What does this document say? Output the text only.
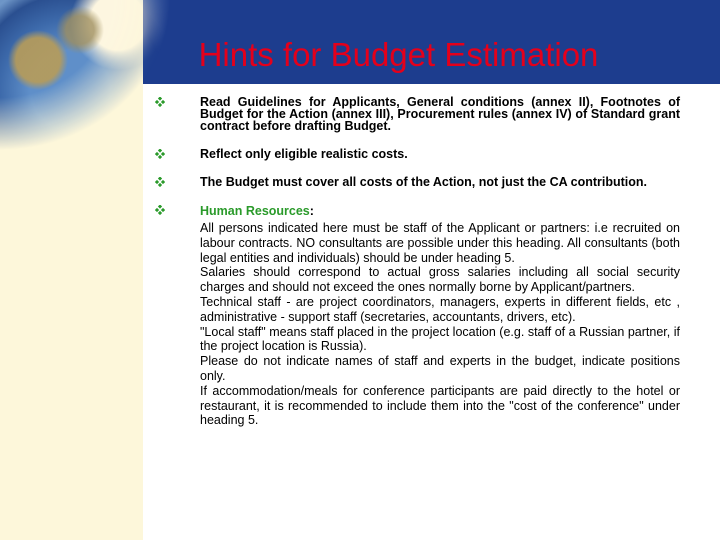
Hints for Budget Estimation
Read Guidelines for Applicants, General conditions (annex II), Footnotes of Budget for the Action (annex III), Procurement rules (annex IV) of Standard grant contract before drafting Budget.
Reflect only eligible realistic costs.
The Budget must cover all costs of the Action, not just the CA contribution.
Human Resources:
All persons indicated here must be staff of the Applicant or partners: i.e recruited on labour contracts. NO consultants are possible under this heading. All consultants (both legal entities and individuals) should be under heading 5.
Salaries should correspond to actual gross salaries including all social security charges and should not exceed the ones normally borne by Applicant/partners.
Technical staff - are project coordinators, managers, experts in different fields, etc , administrative - support staff (secretaries, accountants, drivers, etc).
"Local staff" means staff placed in the project location (e.g. staff of a Russian partner, if the project location is Russia).
Please do not indicate names of staff and experts in the budget, indicate positions only.
If accommodation/meals for conference participants are paid directly to the hotel or restaurant, it is recommended to include them into the "cost of the conference" under heading 5.
